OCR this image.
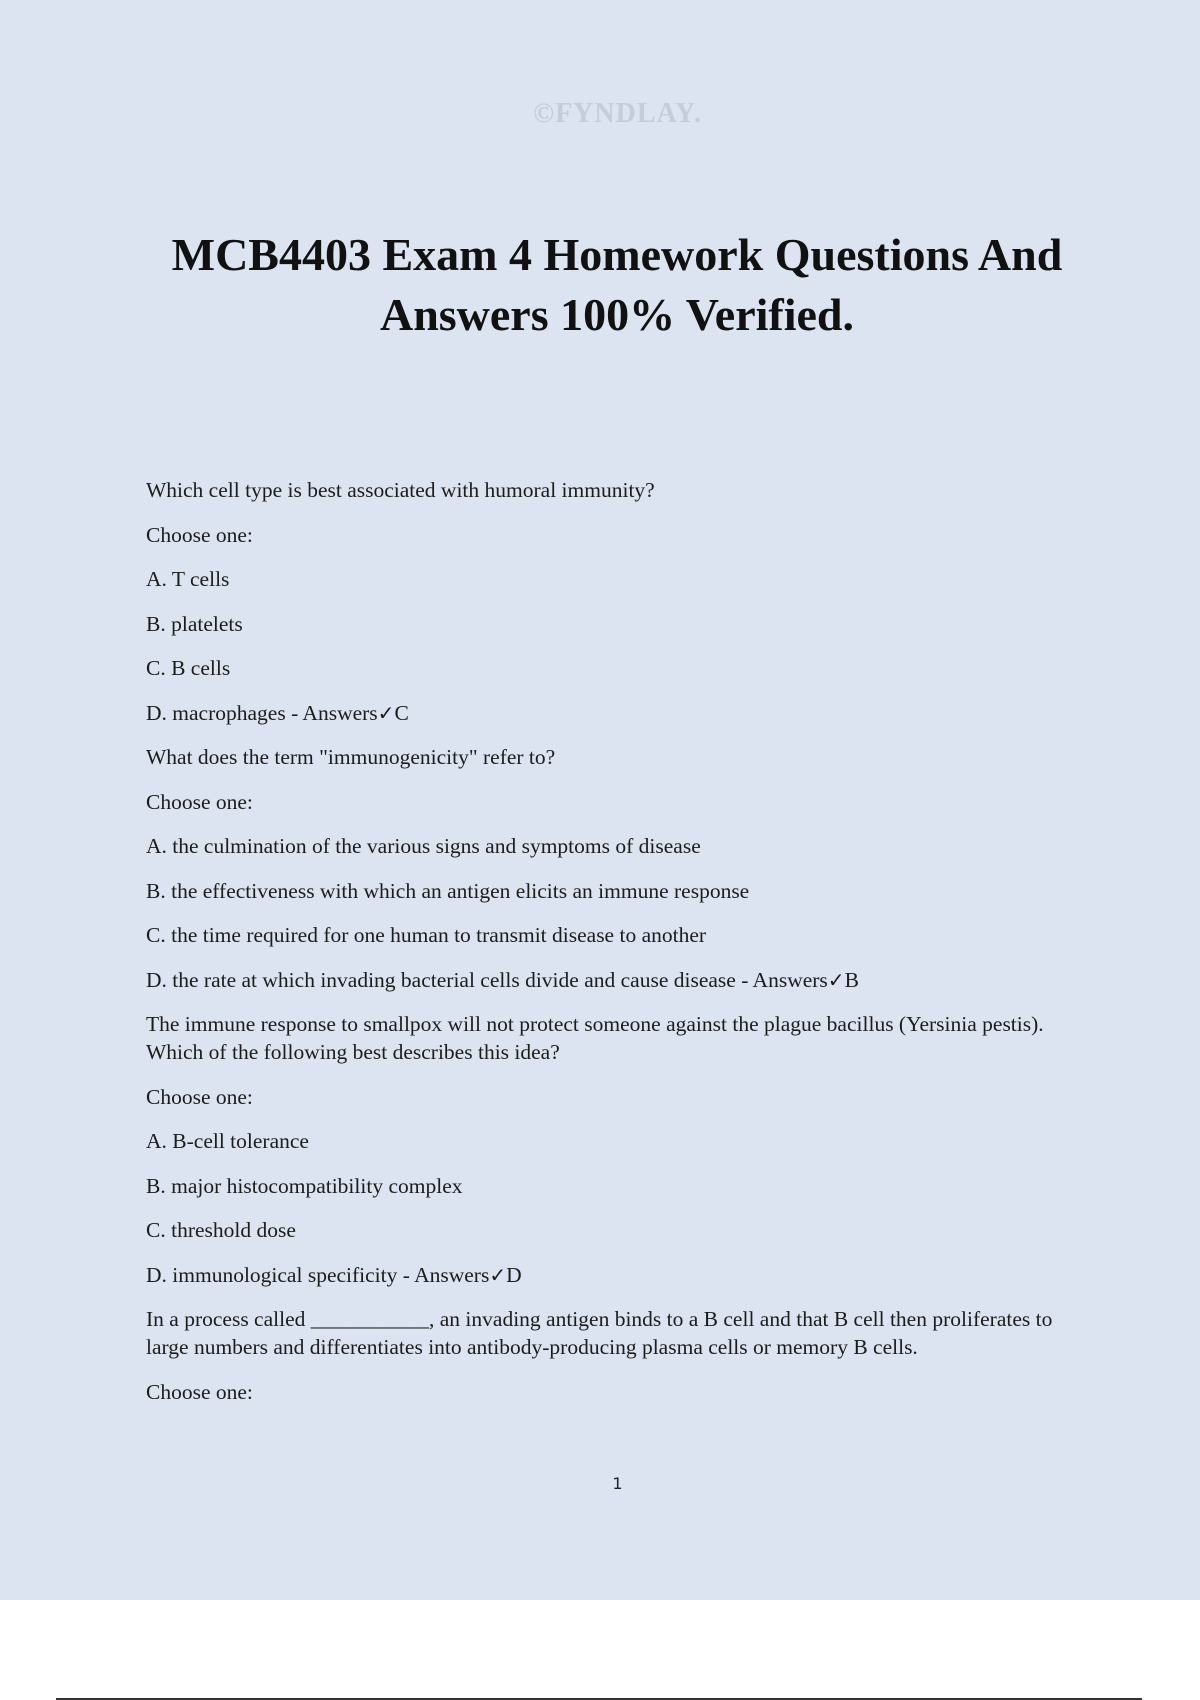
©FYNDLAY.
MCB4403 Exam 4 Homework Questions And Answers 100% Verified.

Which cell type is best associated with humoral immunity?

Choose one:

A. T cells

B. platelets

C. B cells

D. macrophages - Answers✓C

What does the term "immunogenicity" refer to?

Choose one:

A. the culmination of the various signs and symptoms of disease

B. the effectiveness with which an antigen elicits an immune response

C. the time required for one human to transmit disease to another

D. the rate at which invading bacterial cells divide and cause disease - Answers✓B

The immune response to smallpox will not protect someone against the plague bacillus (Yersinia pestis). Which of the following best describes this idea?

Choose one:

A. B-cell tolerance

B. major histocompatibility complex

C. threshold dose

D. immunological specificity - Answers✓D

In a process called ___________, an invading antigen binds to a B cell and that B cell then proliferates to large numbers and differentiates into antibody-producing plasma cells or memory B cells.

Choose one:

1
